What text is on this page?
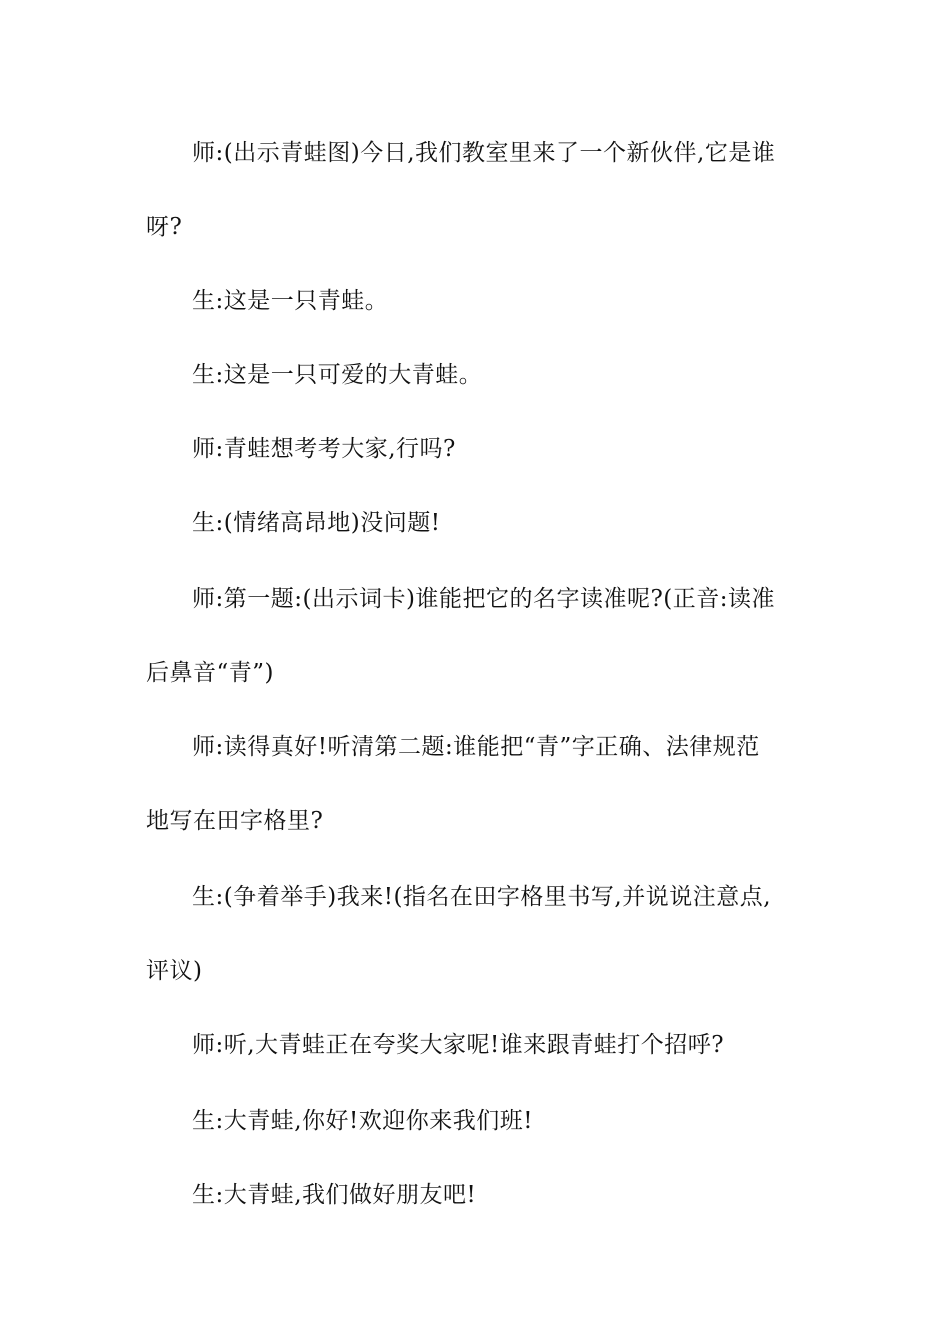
师:(出示青蛙图)今日,我们教室里来了一个新伙伴,它是谁
呀?
生:这是一只青蛙。
生:这是一只可爱的大青蛙。
师:青蛙想考考大家,行吗?
生:(情绪高昂地)没问题!
师:第一题:(出示词卡)谁能把它的名字读准呢?(正音:读准
后鼻音“青”)
师:读得真好!听清第二题:谁能把“青”字正确、法律规范
地写在田字格里?
生:(争着举手)我来!(指名在田字格里书写,并说说注意点,
评议)
师:听,大青蛙正在夸奖大家呢!谁来跟青蛙打个招呼?
生:大青蛙,你好!欢迎你来我们班!
生:大青蛙,我们做好朋友吧!
